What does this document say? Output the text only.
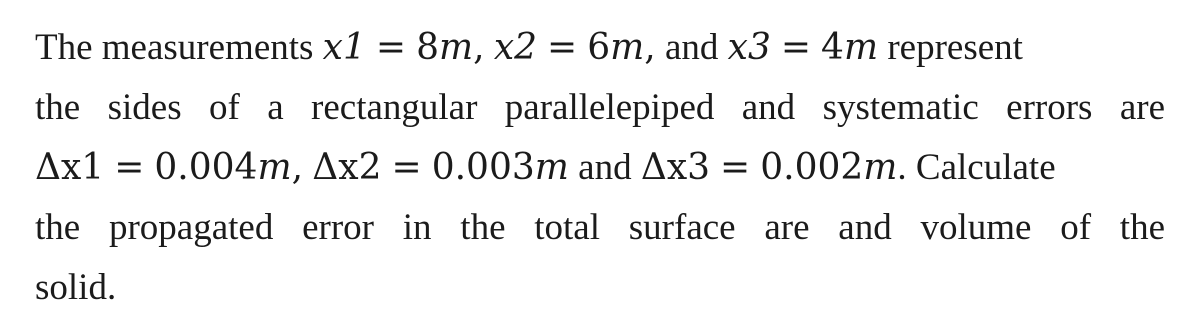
The measurements x1 = 8m, x2 = 6m, and x3 = 4m represent
the sides of a rectangular parallelepiped and systematic errors are
Δx1 = 0.004m, Δx2 = 0.003m and Δx3 = 0.002m. Calculate
the propagated error in the total surface are and volume of the
solid.
